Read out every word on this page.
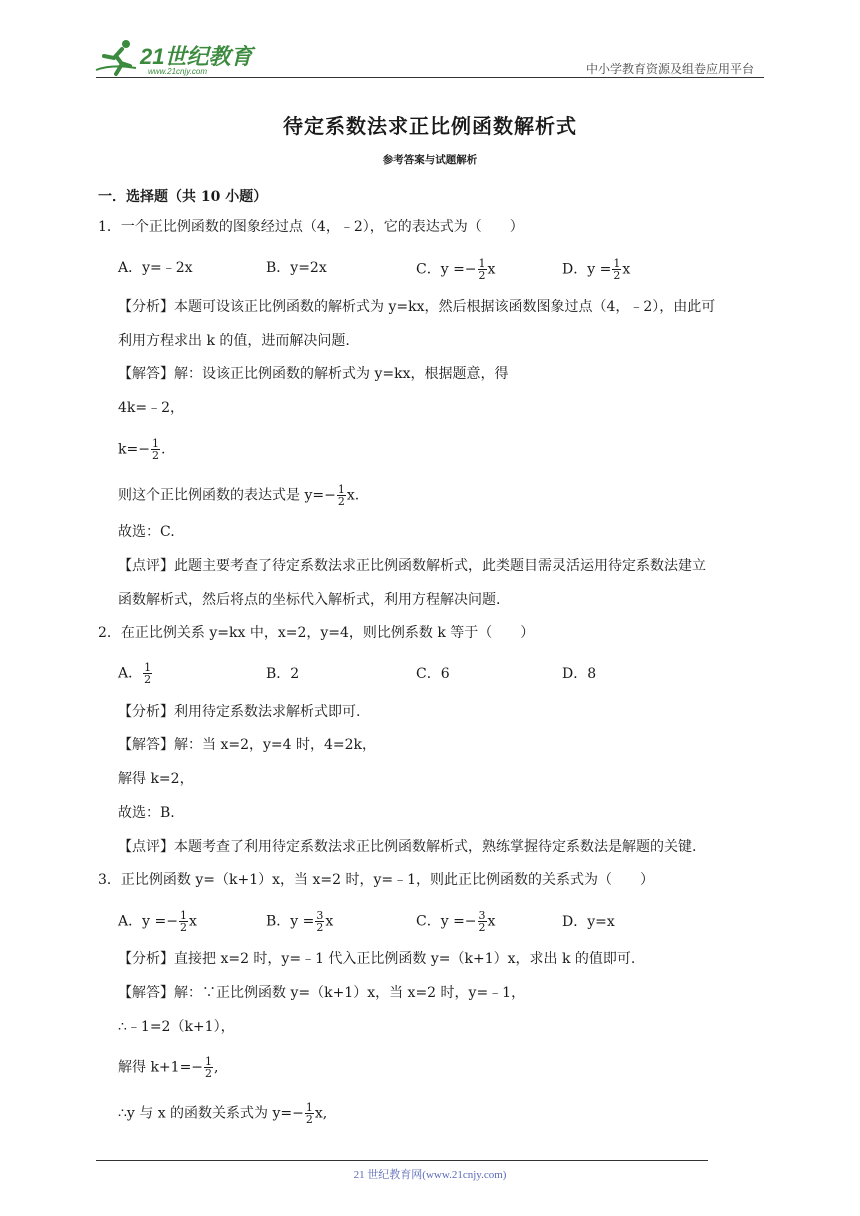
21世纪教育
www.21cnjy.com	中小学教育资源及组卷应用平台
待定系数法求正比例函数解析式
参考答案与试题解析
一．选择题（共 10 小题）
1．一个正比例函数的图象经过点（4，﹣2），它的表达式为（　　）
A．y=﹣2x	B．y=2x	C．$y =- \frac{1}{2}$ x	D．$y = \frac{1}{2}$ x
【分析】本题可设该正比例函数的解析式为 y=kx，然后根据该函数图象过点（4，﹣2），由此可
利用方程求出 k 的值，进而解决问题.
【解答】解：设该正比例函数的解析式为 y=kx，根据题意，得
4k=﹣2，
$k=- \frac{1}{2}$ .
则这个正比例函数的表达式是 $y=- \frac{1}{2} x$.
故选：C.
【点评】此题主要考查了待定系数法求正比例函数解析式，此类题目需灵活运用待定系数法建立
函数解析式，然后将点的坐标代入解析式，利用方程解决问题.
2．在正比例关系 y=kx 中，x=2，y=4，则比例系数 k 等于（　　）
A． $\frac{1}{2}$	B．2	C．6	D．8
【分析】利用待定系数法求解析式即可.
【解答】解：当 x=2，y=4 时，4=2k，
解得 k=2，
故选：B.
【点评】本题考查了利用待定系数法求正比例函数解析式，熟练掌握待定系数法是解题的关键.
3．正比例函数 y=（k+1）x，当 x=2 时，y=﹣1，则此正比例函数的关系式为（　　）
A．$y =- \frac{1}{2}$ x	B．$y = \frac{3}{2}$ x	C．$y =- \frac{3}{2}$ x	D．y=x
【分析】直接把 x=2 时，y=﹣1 代入正比例函数 y=（k+1）x，求出 k 的值即可.
【解答】解：∵正比例函数 y=（k+1）x，当 x=2 时，y=﹣1，
∴﹣1=2（k+1），
解得 $k+1=- \frac{1}{2}$ ,
∴y 与 x 的函数关系式为 $y=- \frac{1}{2} x$,
21 世纪教育网(www.21cnjy.com)
